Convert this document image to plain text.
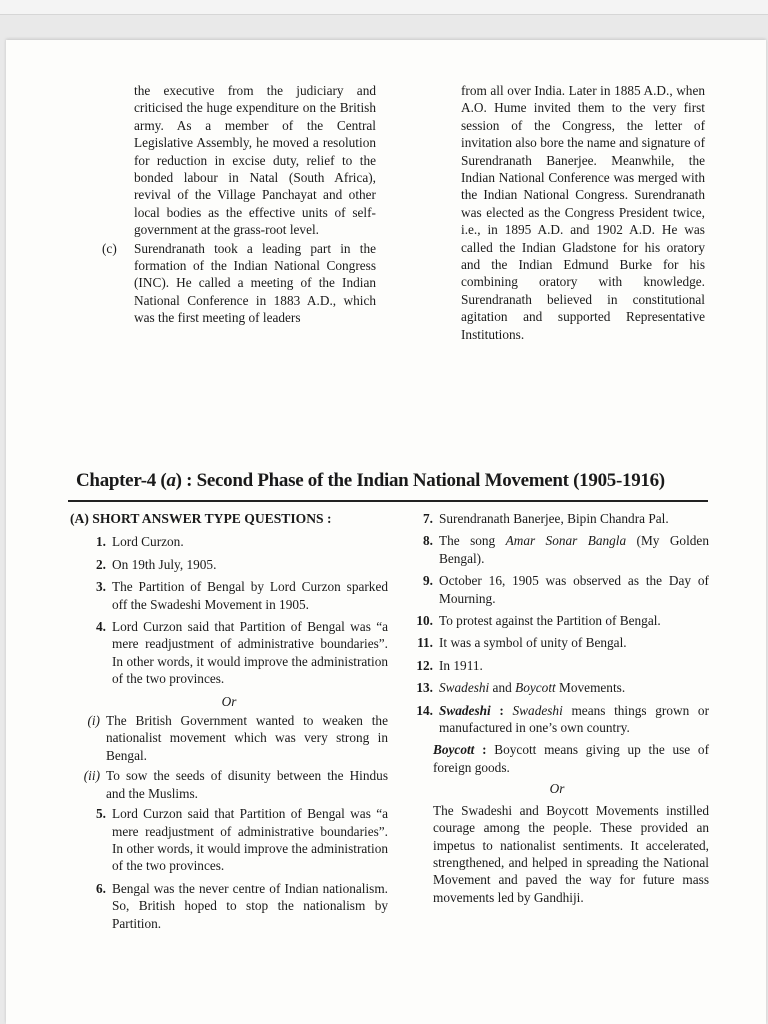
the executive from the judiciary and criticised the huge expenditure on the British army. As a member of the Central Legislative Assembly, he moved a resolution for reduction in excise duty, relief to the bonded labour in Natal (South Africa), revival of the Village Panchayat and other local bodies as the effective units of self-government at the grass-root level.

(c)	Surendranath took a leading part in the formation of the Indian National Congress (INC). He called a meeting of the Indian National Conference in 1883 A.D., which was the first meeting of leaders

from all over India. Later in 1885 A.D., when A.O. Hume invited them to the very first session of the Congress, the letter of invitation also bore the name and signature of Surendranath Banerjee. Meanwhile, the Indian National Conference was merged with the Indian National Congress. Surendranath was elected as the Congress President twice, i.e., in 1895 A.D. and 1902 A.D. He was called the Indian Gladstone for his oratory and the Indian Edmund Burke for his combining oratory with knowledge. Surendranath believed in constitutional agitation and supported Representative Institutions.

Chapter-4 (a) : Second Phase of the Indian National Movement (1905-1916)
(A) SHORT ANSWER TYPE QUESTIONS :
1. Lord Curzon.
2. On 19th July, 1905.
3. The Partition of Bengal by Lord Curzon sparked off the Swadeshi Movement in 1905.
4. Lord Curzon said that Partition of Bengal was “a mere readjustment of administrative boundaries”. In other words, it would improve the administration of the two provinces.
Or
(i) The British Government wanted to weaken the nationalist movement which was very strong in Bengal.
(ii) To sow the seeds of disunity between the Hindus and the Muslims.
5. Lord Curzon said that Partition of Bengal was “a mere readjustment of administrative boundaries”. In other words, it would improve the administration of the two provinces.
6. Bengal was the never centre of Indian nationalism. So, British hoped to stop the nationalism by Partition.
7. Surendranath Banerjee, Bipin Chandra Pal.
8. The song Amar Sonar Bangla (My Golden Bengal).
9. October 16, 1905 was observed as the Day of Mourning.
10. To protest against the Partition of Bengal.
11. It was a symbol of unity of Bengal.
12. In 1911.
13. Swadeshi and Boycott Movements.
14. Swadeshi : Swadeshi means things grown or manufactured in one’s own country.
Boycott : Boycott means giving up the use of foreign goods.
Or
The Swadeshi and Boycott Movements instilled courage among the people. These provided an impetus to nationalist sentiments. It accelerated, strengthened, and helped in spreading the National Movement and paved the way for future mass movements led by Gandhiji.
